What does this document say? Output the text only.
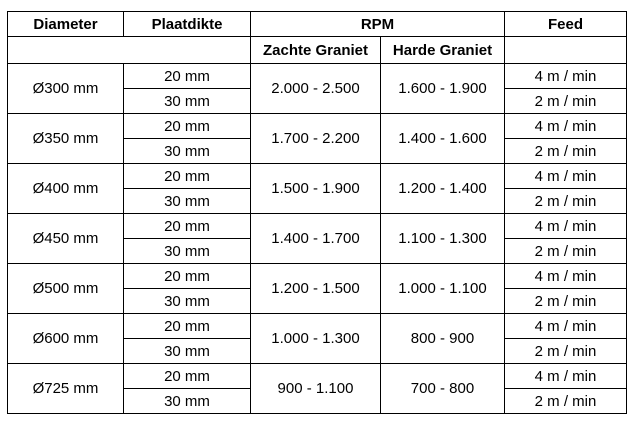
Diameter	Plaatdikte	RPM		Feed
		Zachte Graniet	Harde Graniet	
Ø300 mm	20 mm	2.000 - 2.500	1.600 - 1.900	4 m / min
	30 mm			2 m / min
Ø350 mm	20 mm	1.700 - 2.200	1.400 - 1.600	4 m / min
	30 mm			2 m / min
Ø400 mm	20 mm	1.500 - 1.900	1.200 - 1.400	4 m / min
	30 mm			2 m / min
Ø450 mm	20 mm	1.400 - 1.700	1.100 - 1.300	4 m / min
	30 mm			2 m / min
Ø500 mm	20 mm	1.200 - 1.500	1.000 - 1.100	4 m / min
	30 mm			2 m / min
Ø600 mm	20 mm	1.000 - 1.300	800 - 900	4 m / min
	30 mm			2 m / min
Ø725 mm	20 mm	900 - 1.100	700 - 800	4 m / min
	30 mm			2 m / min
